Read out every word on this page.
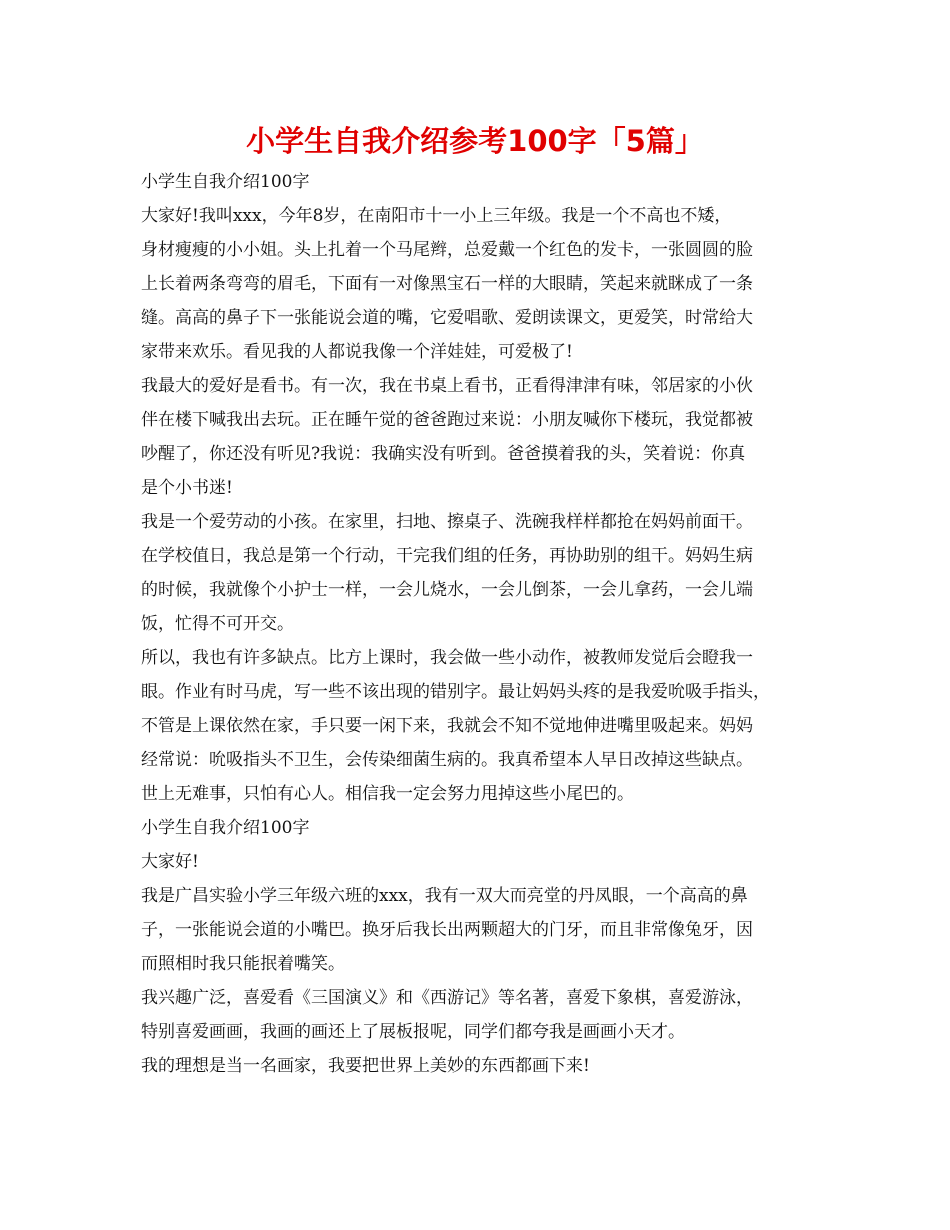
小学生自我介绍参考100字「5篇」
小学生自我介绍100字
大家好!我叫xxx，今年8岁，在南阳市十一小上三年级。我是一个不高也不矮，
身材瘦瘦的小小姐。头上扎着一个马尾辫，总爱戴一个红色的发卡，一张圆圆的脸
上长着两条弯弯的眉毛，下面有一对像黑宝石一样的大眼睛，笑起来就眯成了一条
缝。高高的鼻子下一张能说会道的嘴，它爱唱歌、爱朗读课文，更爱笑，时常给大
家带来欢乐。看见我的人都说我像一个洋娃娃，可爱极了!
我最大的爱好是看书。有一次，我在书桌上看书，正看得津津有味，邻居家的小伙
伴在楼下喊我出去玩。正在睡午觉的爸爸跑过来说：小朋友喊你下楼玩，我觉都被
吵醒了，你还没有听见?我说：我确实没有听到。爸爸摸着我的头，笑着说：你真
是个小书迷!
我是一个爱劳动的小孩。在家里，扫地、擦桌子、洗碗我样样都抢在妈妈前面干。
在学校值日，我总是第一个行动，干完我们组的任务，再协助别的组干。妈妈生病
的时候，我就像个小护士一样，一会儿烧水，一会儿倒茶，一会儿拿药，一会儿端
饭，忙得不可开交。
所以，我也有许多缺点。比方上课时，我会做一些小动作，被教师发觉后会瞪我一
眼。作业有时马虎，写一些不该出现的错别字。最让妈妈头疼的是我爱吮吸手指头，
不管是上课依然在家，手只要一闲下来，我就会不知不觉地伸进嘴里吸起来。妈妈
经常说：吮吸指头不卫生，会传染细菌生病的。我真希望本人早日改掉这些缺点。
世上无难事，只怕有心人。相信我一定会努力甩掉这些小尾巴的。
小学生自我介绍100字
大家好!
我是广昌实验小学三年级六班的xxx，我有一双大而亮堂的丹凤眼，一个高高的鼻
子，一张能说会道的小嘴巴。换牙后我长出两颗超大的门牙，而且非常像兔牙，因
而照相时我只能抿着嘴笑。
我兴趣广泛，喜爱看《三国演义》和《西游记》等名著，喜爱下象棋，喜爱游泳，
特别喜爱画画，我画的画还上了展板报呢，同学们都夸我是画画小天才。
我的理想是当一名画家，我要把世界上美妙的东西都画下来!
